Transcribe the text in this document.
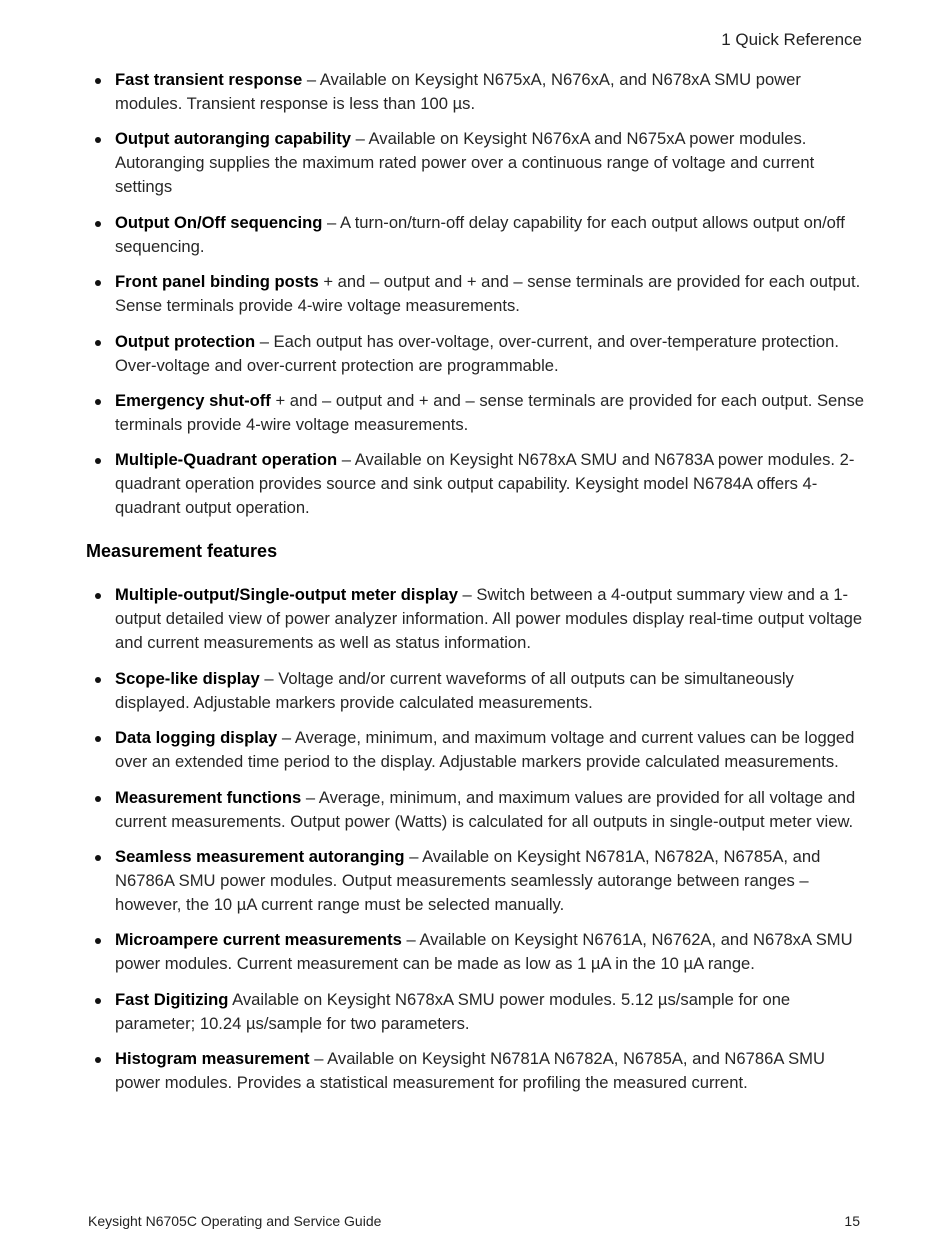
1 Quick Reference
Fast transient response – Available on Keysight N675xA, N676xA, and N678xA SMU power modules. Transient response is less than 100 µs.
Output autoranging capability – Available on Keysight N676xA and N675xA power modules. Autoranging supplies the maximum rated power over a continuous range of voltage and current settings
Output On/Off sequencing – A turn-on/turn-off delay capability for each output allows output on/off sequencing.
Front panel binding posts + and – output and + and – sense terminals are provided for each output. Sense terminals provide 4-wire voltage measurements.
Output protection – Each output has over-voltage, over-current, and over-temperature protection. Over-voltage and over-current protection are programmable.
Emergency shut-off + and – output and + and – sense terminals are provided for each output. Sense terminals provide 4-wire voltage measurements.
Multiple-Quadrant operation – Available on Keysight N678xA SMU and N6783A power modules. 2- quadrant operation provides source and sink output capability. Keysight model N6784A offers 4- quadrant output operation.
Measurement features
Multiple-output/Single-output meter display – Switch between a 4-output summary view and a 1-output detailed view of power analyzer information. All power modules display real-time output voltage and current measurements as well as status information.
Scope-like display – Voltage and/or current waveforms of all outputs can be simultaneously displayed. Adjustable markers provide calculated measurements.
Data logging display – Average, minimum, and maximum voltage and current values can be logged over an extended time period to the display. Adjustable markers provide calculated measurements.
Measurement functions – Average, minimum, and maximum values are provided for all voltage and current measurements. Output power (Watts) is calculated for all outputs in single-output meter view.
Seamless measurement autoranging – Available on Keysight N6781A, N6782A, N6785A, and N6786A SMU power modules. Output measurements seamlessly autorange between ranges – however, the 10 µA current range must be selected manually.
Microampere current measurements – Available on Keysight N6761A, N6762A, and N678xA SMU power modules. Current measurement can be made as low as 1 µA in the 10 µA range.
Fast Digitizing Available on Keysight N678xA SMU power modules. 5.12 µs/sample for one parameter; 10.24 µs/sample for two parameters.
Histogram measurement – Available on Keysight N6781A N6782A, N6785A, and N6786A SMU power modules. Provides a statistical measurement for profiling the measured current.
Keysight N6705C Operating and Service Guide	15
